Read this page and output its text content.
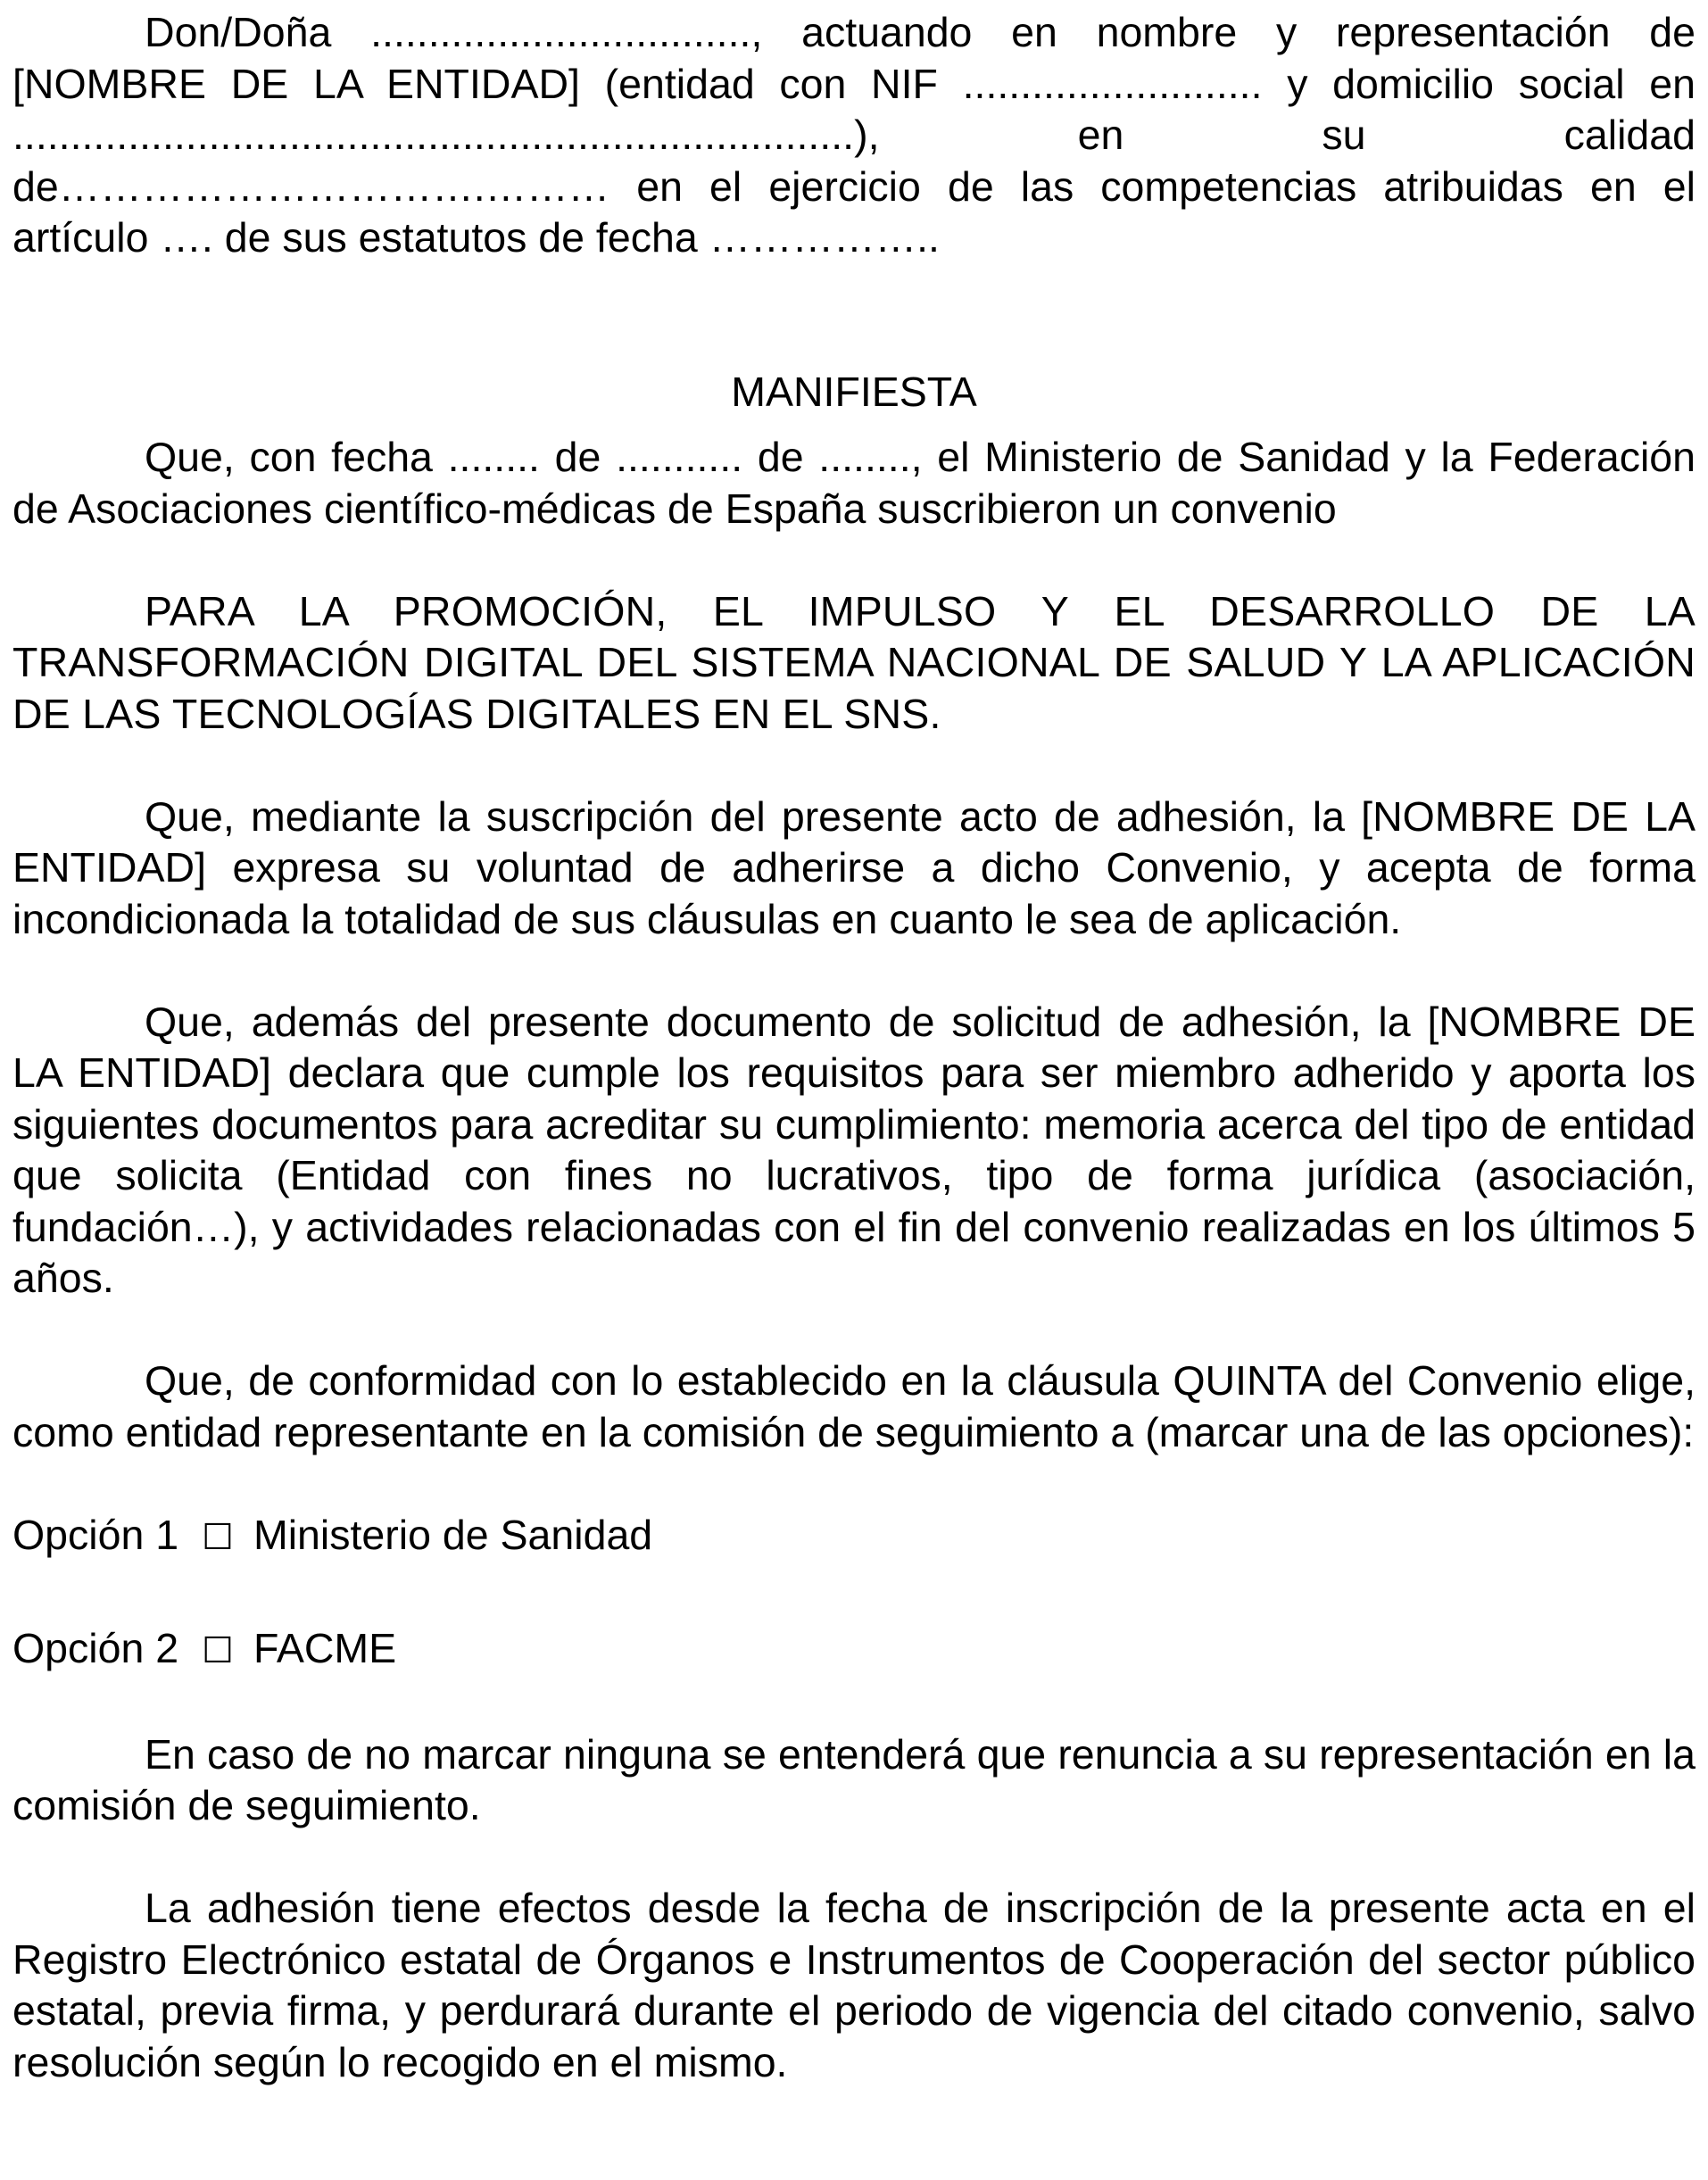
Don/Doña ................................., actuando en nombre y representación de [NOMBRE DE LA ENTIDAD] (entidad con NIF .......................... y domicilio social en .........................................................................), en su calidad de………………………….……… en el ejercicio de las competencias atribuidas en el artículo …. de sus estatutos de fecha ……………..

MANIFIESTA

Que, con fecha ........ de ........... de ........, el Ministerio de Sanidad y la Federación de Asociaciones científico-médicas de España suscribieron un convenio

PARA LA PROMOCIÓN, EL IMPULSO Y EL DESARROLLO DE LA TRANSFORMACIÓN DIGITAL DEL SISTEMA NACIONAL DE SALUD Y LA APLICACIÓN DE LAS TECNOLOGÍAS DIGITALES EN EL SNS.

Que, mediante la suscripción del presente acto de adhesión, la [NOMBRE DE LA ENTIDAD] expresa su voluntad de adherirse a dicho Convenio, y acepta de forma incondicionada la totalidad de sus cláusulas en cuanto le sea de aplicación.

Que, además del presente documento de solicitud de adhesión, la [NOMBRE DE LA ENTIDAD] declara que cumple los requisitos para ser miembro adherido y aporta los siguientes documentos para acreditar su cumplimiento: memoria acerca del tipo de entidad que solicita (Entidad con fines no lucrativos, tipo de forma jurídica (asociación, fundación…), y actividades relacionadas con el fin del convenio realizadas en los últimos 5 años.

Que, de conformidad con lo establecido en la cláusula QUINTA del Convenio elige, como entidad representante en la comisión de seguimiento a (marcar una de las opciones):

Opción 1 ☐ Ministerio de Sanidad

Opción 2 ☐ FACME

En caso de no marcar ninguna se entenderá que renuncia a su representación en la comisión de seguimiento.

La adhesión tiene efectos desde la fecha de inscripción de la presente acta en el Registro Electrónico estatal de Órganos e Instrumentos de Cooperación del sector público estatal, previa firma, y perdurará durante el periodo de vigencia del citado convenio, salvo resolución según lo recogido en el mismo.
